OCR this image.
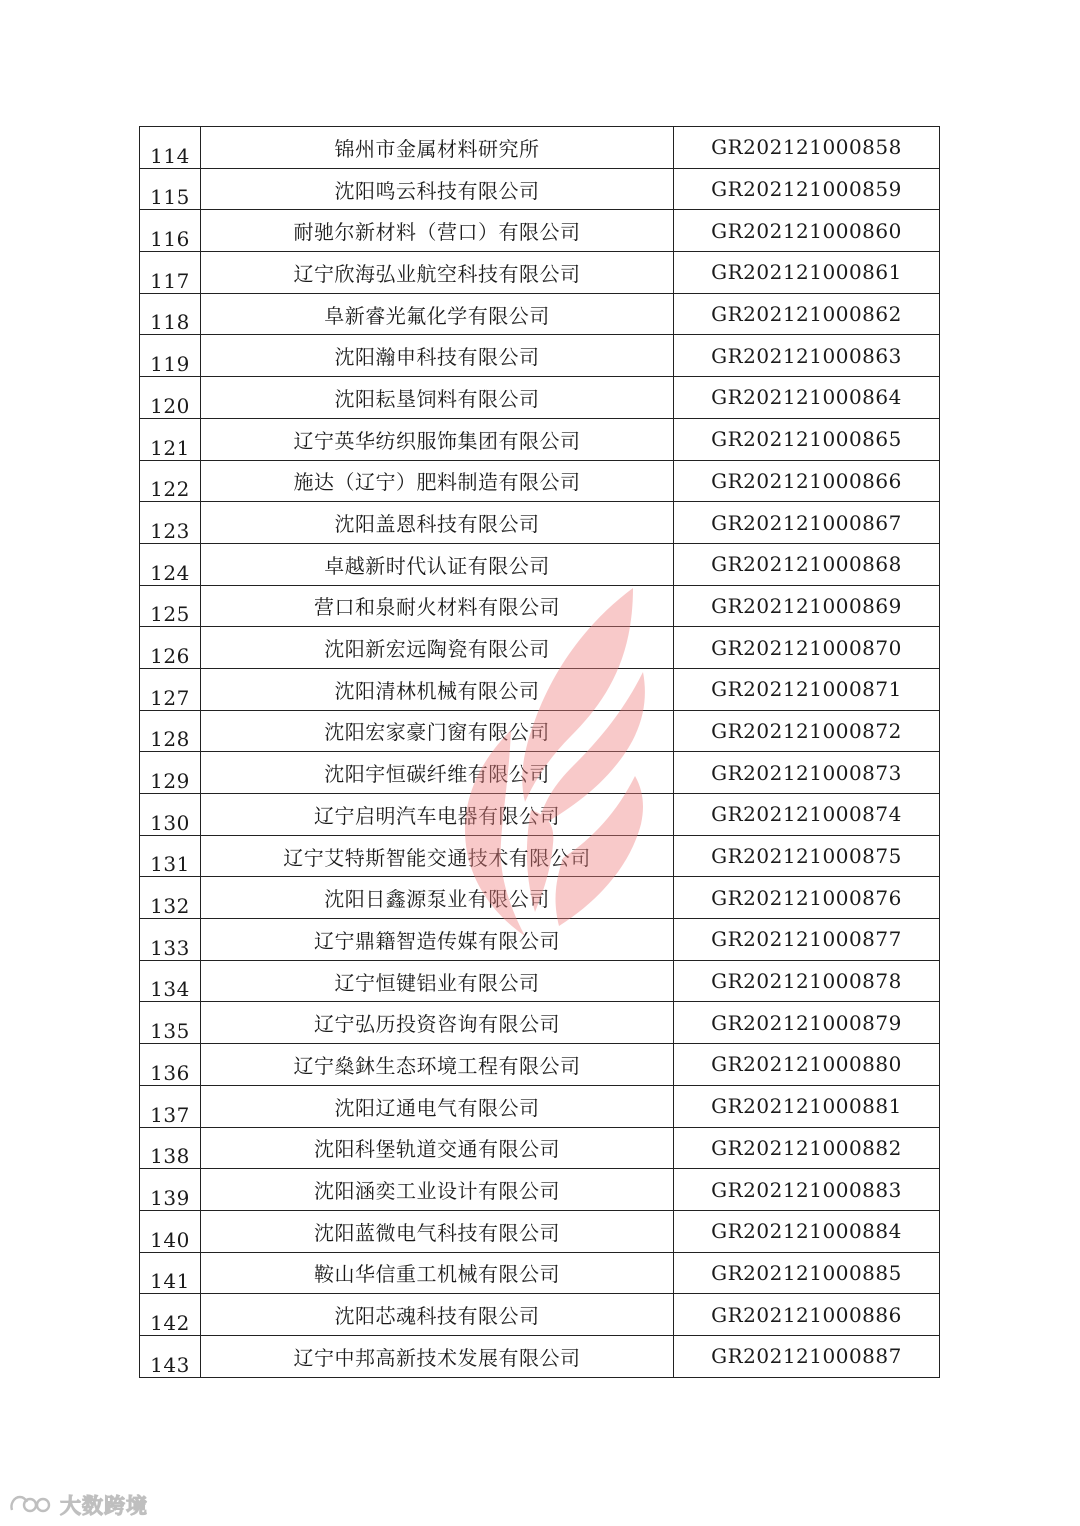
114	锦州市金属材料研究所	GR202121000858
115	沈阳鸣云科技有限公司	GR202121000859
116	耐驰尔新材料（营口）有限公司	GR202121000860
117	辽宁欣海弘业航空科技有限公司	GR202121000861
118	阜新睿光氟化学有限公司	GR202121000862
119	沈阳瀚申科技有限公司	GR202121000863
120	沈阳耘垦饲料有限公司	GR202121000864
121	辽宁英华纺织服饰集团有限公司	GR202121000865
122	施达（辽宁）肥料制造有限公司	GR202121000866
123	沈阳盖恩科技有限公司	GR202121000867
124	卓越新时代认证有限公司	GR202121000868
125	营口和泉耐火材料有限公司	GR202121000869
126	沈阳新宏远陶瓷有限公司	GR202121000870
127	沈阳清林机械有限公司	GR202121000871
128	沈阳宏家豪门窗有限公司	GR202121000872
129	沈阳宇恒碳纤维有限公司	GR202121000873
130	辽宁启明汽车电器有限公司	GR202121000874
131	辽宁艾特斯智能交通技术有限公司	GR202121000875
132	沈阳日鑫源泵业有限公司	GR202121000876
133	辽宁鼎籍智造传媒有限公司	GR202121000877
134	辽宁恒键铝业有限公司	GR202121000878
135	辽宁弘历投资咨询有限公司	GR202121000879
136	辽宁燊鈢生态环境工程有限公司	GR202121000880
137	沈阳辽通电气有限公司	GR202121000881
138	沈阳科堡轨道交通有限公司	GR202121000882
139	沈阳涵奕工业设计有限公司	GR202121000883
140	沈阳蓝微电气科技有限公司	GR202121000884
141	鞍山华信重工机械有限公司	GR202121000885
142	沈阳芯魂科技有限公司	GR202121000886
143	辽宁中邦高新技术发展有限公司	GR202121000887
大数跨境
